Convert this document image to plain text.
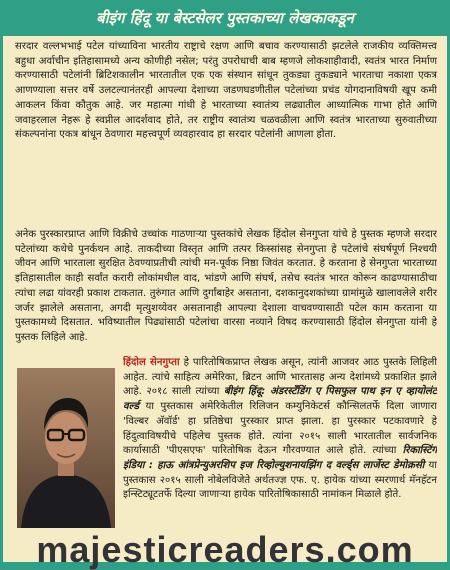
बीइंग हिंदू या बेस्टसेलर पुस्तकाच्या लेखकाकडून

सरदार वल्लभभाई पटेल यांच्याविना भारतीय राष्ट्राचे रक्षण आणि बचाव करण्यासाठी झटलेले राजकीय व्यक्तिमत्त्व बहुधा अर्वाचीन इतिहासामध्ये अन्य कोणीही नसेल; परंतु उपरोधाची बाब म्हणजे लोकशाहीवादी, स्वतंत्र भारत निर्माण करण्यासाठी पटेलांनी ब्रिटिशकालीन भारतातील एक एक संस्थान सांधून तुकड्या तुकड्याने भारताचा नकाशा एकत्र आणण्याला सत्तर वर्षे उलटल्यानंतरही आपल्या देशाच्या जडणघडणीतील पटेलांच्या प्रचंड योगदानाविषयी खूप कमी आकलन किंवा कौतुक आहे. जर महात्मा गांधी हे भारताच्या स्वातंत्र्य लढ्यातील आध्यात्मिक गाभा होते आणि जवाहरलाल नेहरू हे स्वप्नील आदर्शवाद होते, तर राष्ट्रीय स्वातंत्र्य चळवळीला आणि स्वतंत्र भारताच्या सुरुवातीच्या संकल्पनांना एकत्र बांधून ठेवणारा महत्त्वपूर्ण व्यवहारवाद हा सरदार पटेलांनी आणला होता.

अनेक पुरस्कारप्राप्त आणि विक्रीचे उच्चांक गाठणाऱ्या पुस्तकांचे लेखक हिंदोल सेनगुप्ता यांचे हे पुस्तक म्हणजे सरदार पटेलांच्या कथेचे पुनर्कथन आहे. ताकदीच्या विस्तृत आणि तत्पर किस्सांसह सेनगुप्ता हे पटेलांचे संघर्षपूर्ण निश्चयी जीवन आणि भारताला सुरक्षित ठेवण्याप्रतीची त्यांची मन-पूर्वक निष्ठा जिवंत करतात. हे करताना हे सेनगुप्ता भारताच्या इतिहासातील काही सर्वांत करारी लोकांमधील वाद, भांडणे आणि संघर्ष, तसेच स्वतंत्र भारत कोरून काढण्यासाठीचा त्यांचा लढा यांवरही प्रकाश टाकतात. तुरुंगात आणि दुर्गांबाहेर असताना, दशकानुदशकांच्या ग्रामांमुळे खालावलेले शरीर जर्जर झालेले असताना, अगदी मृत्युशय्येवर असतानाही आपल्या देशाला वाचवण्यासाठी पटेल काम करताना या पुस्तकामध्ये दिसतात. भविष्यातील पिढ्यांसाठी पटेलांचा वारसा नव्याने विषद करण्यासाठी हिंदोल सेनगुप्ता यांनी हे पुस्तक लिहिले आहे.

हिंदोल सेनगुप्ता हे पारितोषिकप्राप्त लेखक असून, त्यांनी आजवर आठ पुस्तके लिहिली आहेत. त्यांचे साहित्य अमेरिका, ब्रिटन आणि भारतासह अन्य देशांमध्ये प्रकाशित झाले आहे. २०१८ साली त्यांच्या बीइंग हिंदू: अंडरस्टँडिंग ए पिसफुल पाथ इन ए व्हायोलंट वर्ल्ड या पुस्तकास अमेरिकेतील रिलिजन कम्युनिकेटर्स कौन्सिलतर्फे दिला जाणारा 'विल्बर अ‍ॅवॉर्ड' हा प्रतिष्ठेचा पुरस्कार प्राप्त झाला. हा पुरस्कार पटकावणारे हे हिंदुत्वाविषयीचे पहिलेच पुस्तक होते. त्यांना २०१५ साली भारतातील सार्वजनिक कार्यासाठी 'पीएसएफ' पारितोषिक देऊन गौरवण्यात आले होते. त्यांच्या रिकास्टिंग इंडिया : हाऊ आंत्रप्रेन्युअरशिप इज रिव्होल्युशनायझिंग द वर्ल्ड्स लार्जेस्ट डेमोक्रसी या पुस्तकास २०१५ साली नोबेलविजेते अर्थतज्ज्ञ एफ. ए. हायेक यांच्या स्मरणार्थ मॅनहॅटन इन्स्टिट्यूटतर्फे दिल्या जाणाऱ्या हायेक पारितोषिकासाठी नामांकन मिळाले होते.

majesticreaders.com
